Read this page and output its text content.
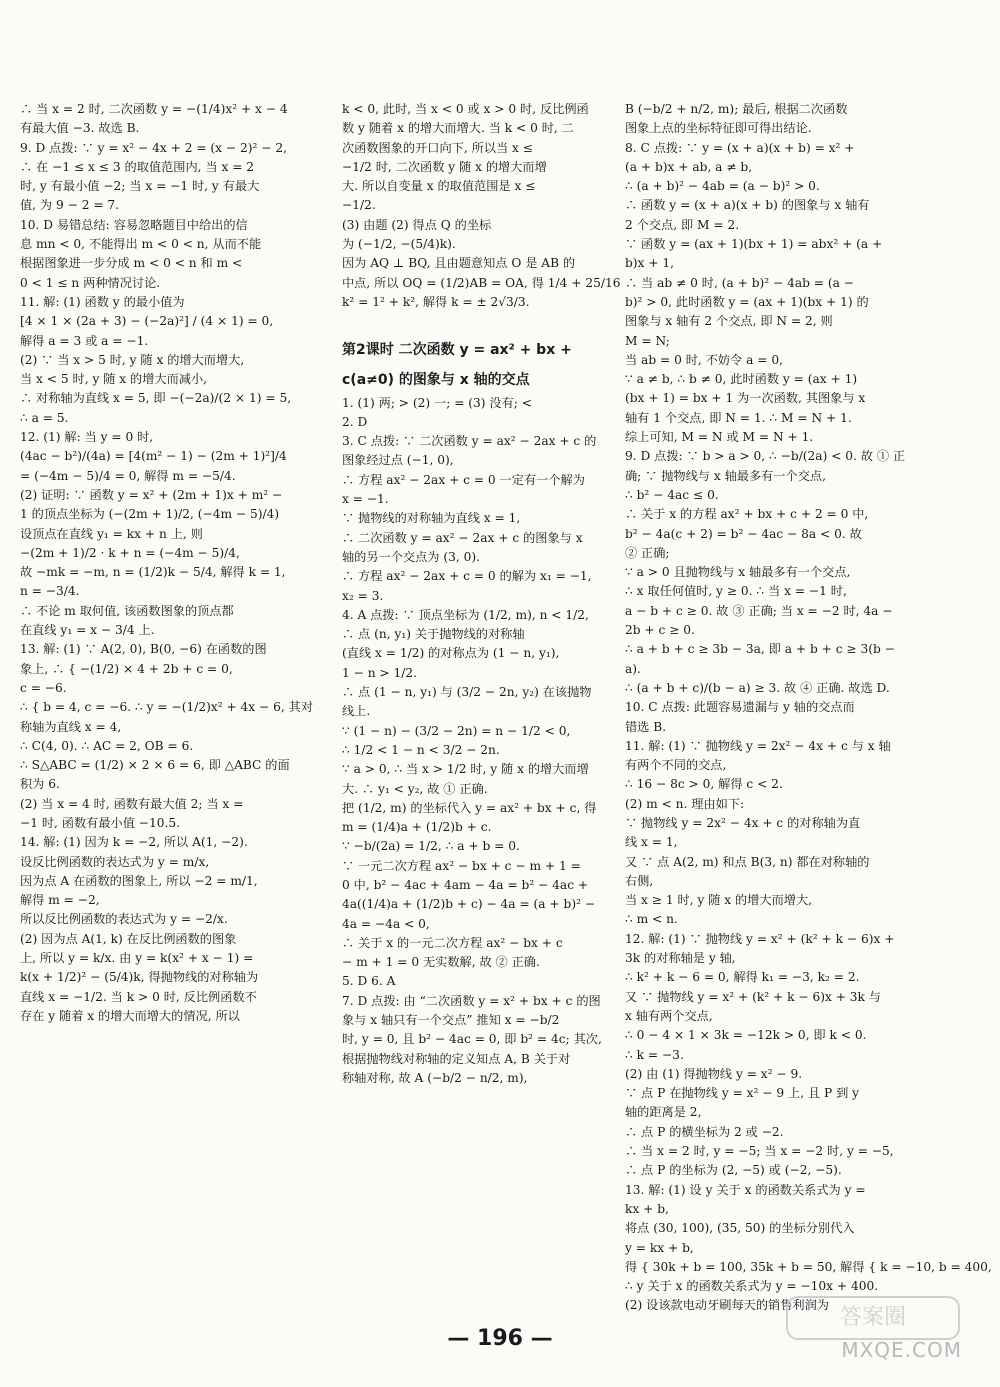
∴ 当 x = 2 时, 二次函数 y = −(1/4)x² + x − 4

有最大值 −3. 故选 B.

9. D 点拨: ∵ y = x² − 4x + 2 = (x − 2)² − 2,

∴ 在 −1 ≤ x ≤ 3 的取值范围内, 当 x = 2

时, y 有最小值 −2; 当 x = −1 时, y 有最大

值, 为 9 − 2 = 7.

10. D 易错总结: 容易忽略题目中给出的信

息 mn < 0, 不能得出 m < 0 < n, 从而不能

根据图象进一步分成 m < 0 < n 和 m <

0 < 1 ≤ n 两种情况讨论.

11. 解: (1) 函数 y 的最小值为

[4 × 1 × (2a + 3) − (−2a)²] / (4 × 1) = 0,

解得 a = 3 或 a = −1.

(2) ∵ 当 x > 5 时, y 随 x 的增大而增大,

当 x < 5 时, y 随 x 的增大而减小,

∴ 对称轴为直线 x = 5, 即 −(−2a)/(2 × 1) = 5,

∴ a = 5.

12. (1) 解: 当 y = 0 时,

(4ac − b²)/(4a) = [4(m² − 1) − (2m + 1)²]/4

= (−4m − 5)/4 = 0, 解得 m = −5/4.

(2) 证明: ∵ 函数 y = x² + (2m + 1)x + m² −

1 的顶点坐标为 (−(2m + 1)/2, (−4m − 5)/4)

设顶点在直线 y₁ = kx + n 上, 则

−(2m + 1)/2 · k + n = (−4m − 5)/4,

故 −mk = −m, n = (1/2)k − 5/4, 解得 k = 1,

n = −3/4.

∴ 不论 m 取何值, 该函数图象的顶点都

在直线 y₁ = x − 3/4 上.

13. 解: (1) ∵ A(2, 0), B(0, −6) 在函数的图

象上, ∴ { −(1/2) × 4 + 2b + c = 0,

c = −6.

∴ { b = 4, c = −6. ∴ y = −(1/2)x² + 4x − 6, 其对

称轴为直线 x = 4,

∴ C(4, 0). ∴ AC = 2, OB = 6.

∴ S△ABC = (1/2) × 2 × 6 = 6, 即 △ABC 的面

积为 6.

(2) 当 x = 4 时, 函数有最大值 2; 当 x =

−1 时, 函数有最小值 −10.5.

14. 解: (1) 因为 k = −2, 所以 A(1, −2).

设反比例函数的表达式为 y = m/x,

因为点 A 在函数的图象上, 所以 −2 = m/1,

解得 m = −2,

所以反比例函数的表达式为 y = −2/x.

(2) 因为点 A(1, k) 在反比例函数的图象

上, 所以 y = k/x. 由 y = k(x² + x − 1) =

k(x + 1/2)² − (5/4)k, 得抛物线的对称轴为

直线 x = −1/2. 当 k > 0 时, 反比例函数不

存在 y 随着 x 的增大而增大的情况, 所以

k < 0, 此时, 当 x < 0 或 x > 0 时, 反比例函

数 y 随着 x 的增大而增大. 当 k < 0 时, 二

次函数图象的开口向下, 所以当 x ≤

−1/2 时, 二次函数 y 随 x 的增大而增

大. 所以自变量 x 的取值范围是 x ≤

−1/2.

(3) 由题 (2) 得点 Q 的坐标

为 (−1/2, −(5/4)k).

因为 AQ ⊥ BQ, 且由题意知点 O 是 AB 的

中点, 所以 OQ = (1/2)AB = OA, 得 1/4 + 25/16

k² = 1² + k², 解得 k = ± 2√3/3.

第2课时 二次函数 y = ax² + bx +

c(a≠0) 的图象与 x 轴的交点

1. (1) 两; > (2) 一; = (3) 没有; <

2. D

3. C 点拨: ∵ 二次函数 y = ax² − 2ax + c 的

图象经过点 (−1, 0),

∴ 方程 ax² − 2ax + c = 0 一定有一个解为

x = −1.

∵ 抛物线的对称轴为直线 x = 1,

∴ 二次函数 y = ax² − 2ax + c 的图象与 x

轴的另一个交点为 (3, 0).

∴ 方程 ax² − 2ax + c = 0 的解为 x₁ = −1,

x₂ = 3.

4. A 点拨: ∵ 顶点坐标为 (1/2, m), n < 1/2,

∴ 点 (n, y₁) 关于抛物线的对称轴

(直线 x = 1/2) 的对称点为 (1 − n, y₁),

1 − n > 1/2.

∴ 点 (1 − n, y₁) 与 (3/2 − 2n, y₂) 在该抛物

线上.

∵ (1 − n) − (3/2 − 2n) = n − 1/2 < 0,

∴ 1/2 < 1 − n < 3/2 − 2n.

∵ a > 0, ∴ 当 x > 1/2 时, y 随 x 的增大而增

大. ∴ y₁ < y₂, 故 ① 正确.

把 (1/2, m) 的坐标代入 y = ax² + bx + c, 得

m = (1/4)a + (1/2)b + c.

∵ −b/(2a) = 1/2, ∴ a + b = 0.

∵ 一元二次方程 ax² − bx + c − m + 1 =

0 中, b² − 4ac + 4am − 4a = b² − 4ac +

4a((1/4)a + (1/2)b + c) − 4a = (a + b)² −

4a = −4a < 0,

∴ 关于 x 的一元二次方程 ax² − bx + c

− m + 1 = 0 无实数解, 故 ② 正确.

5. D 6. A

7. D 点拨: 由 “二次函数 y = x² + bx + c 的图

象与 x 轴只有一个交点” 推知 x = −b/2

时, y = 0, 且 b² − 4ac = 0, 即 b² = 4c; 其次,

根据抛物线对称轴的定义知点 A, B 关于对

称轴对称, 故 A (−b/2 − n/2, m),

B (−b/2 + n/2, m); 最后, 根据二次函数

图象上点的坐标特征即可得出结论.

8. C 点拨: ∵ y = (x + a)(x + b) = x² +

(a + b)x + ab, a ≠ b,

∴ (a + b)² − 4ab = (a − b)² > 0.

∴ 函数 y = (x + a)(x + b) 的图象与 x 轴有

2 个交点, 即 M = 2.

∵ 函数 y = (ax + 1)(bx + 1) = abx² + (a +

b)x + 1,

∴ 当 ab ≠ 0 时, (a + b)² − 4ab = (a −

b)² > 0, 此时函数 y = (ax + 1)(bx + 1) 的

图象与 x 轴有 2 个交点, 即 N = 2, 则

M = N;

当 ab = 0 时, 不妨令 a = 0,

∵ a ≠ b, ∴ b ≠ 0, 此时函数 y = (ax + 1)

(bx + 1) = bx + 1 为一次函数, 其图象与 x

轴有 1 个交点, 即 N = 1. ∴ M = N + 1.

综上可知, M = N 或 M = N + 1.

9. D 点拨: ∵ b > a > 0, ∴ −b/(2a) < 0. 故 ① 正

确; ∵ 抛物线与 x 轴最多有一个交点,

∴ b² − 4ac ≤ 0.

∴ 关于 x 的方程 ax² + bx + c + 2 = 0 中,

b² − 4a(c + 2) = b² − 4ac − 8a < 0. 故

② 正确;

∵ a > 0 且抛物线与 x 轴最多有一个交点,

∴ x 取任何值时, y ≥ 0. ∴ 当 x = −1 时,

a − b + c ≥ 0. 故 ③ 正确; 当 x = −2 时, 4a −

2b + c ≥ 0.

∴ a + b + c ≥ 3b − 3a, 即 a + b + c ≥ 3(b −

a).

∴ (a + b + c)/(b − a) ≥ 3. 故 ④ 正确. 故选 D.

10. C 点拨: 此题容易遗漏与 y 轴的交点而

错选 B.

11. 解: (1) ∵ 抛物线 y = 2x² − 4x + c 与 x 轴

有两个不同的交点,

∴ 16 − 8c > 0, 解得 c < 2.

(2) m < n. 理由如下:

∵ 抛物线 y = 2x² − 4x + c 的对称轴为直

线 x = 1,

又 ∵ 点 A(2, m) 和点 B(3, n) 都在对称轴的

右侧,

当 x ≥ 1 时, y 随 x 的增大而增大,

∴ m < n.

12. 解: (1) ∵ 抛物线 y = x² + (k² + k − 6)x +

3k 的对称轴是 y 轴,

∴ k² + k − 6 = 0, 解得 k₁ = −3, k₂ = 2.

又 ∵ 抛物线 y = x² + (k² + k − 6)x + 3k 与

x 轴有两个交点,

∴ 0 − 4 × 1 × 3k = −12k > 0, 即 k < 0.

∴ k = −3.

(2) 由 (1) 得抛物线 y = x² − 9.

∵ 点 P 在抛物线 y = x² − 9 上, 且 P 到 y

轴的距离是 2,

∴ 点 P 的横坐标为 2 或 −2.

∴ 当 x = 2 时, y = −5; 当 x = −2 时, y = −5,

∴ 点 P 的坐标为 (2, −5) 或 (−2, −5).

13. 解: (1) 设 y 关于 x 的函数关系式为 y =

kx + b,

将点 (30, 100), (35, 50) 的坐标分别代入

y = kx + b,

得 { 30k + b = 100, 35k + b = 50, 解得 { k = −10, b = 400,

∴ y 关于 x 的函数关系式为 y = −10x + 400.

(2) 设该款电动牙刷每天的销售利润为

— 196 —
答案圈
MXQE.COM
